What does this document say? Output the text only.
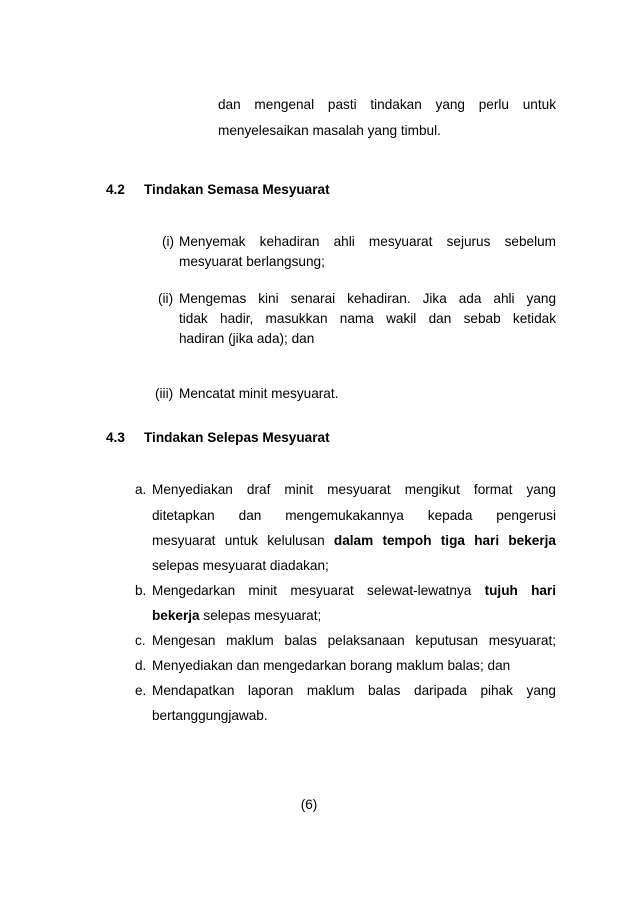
dan mengenal pasti tindakan yang perlu untuk
menyelesaikan masalah yang timbul.
4.2 Tindakan Semasa Mesyuarat
(i) Menyemak kehadiran ahli mesyuarat sejurus sebelum
mesyuarat berlangsung;
(ii) Mengemas kini senarai kehadiran. Jika ada ahli yang
tidak hadir, masukkan nama wakil dan sebab ketidak
hadiran (jika ada); dan
(iii) Mencatat minit mesyuarat.
4.3 Tindakan Selepas Mesyuarat
a. Menyediakan draf minit mesyuarat mengikut format yang
ditetapkan dan mengemukakannya kepada pengerusi
mesyuarat untuk kelulusan dalam tempoh tiga hari bekerja
selepas mesyuarat diadakan;
b. Mengedarkan minit mesyuarat selewat-lewatnya tujuh hari
bekerja selepas mesyuarat;
c. Mengesan maklum balas pelaksanaan keputusan mesyuarat;
d. Menyediakan dan mengedarkan borang maklum balas; dan
e. Mendapatkan laporan maklum balas daripada pihak yang
bertanggungjawab.
(6)
